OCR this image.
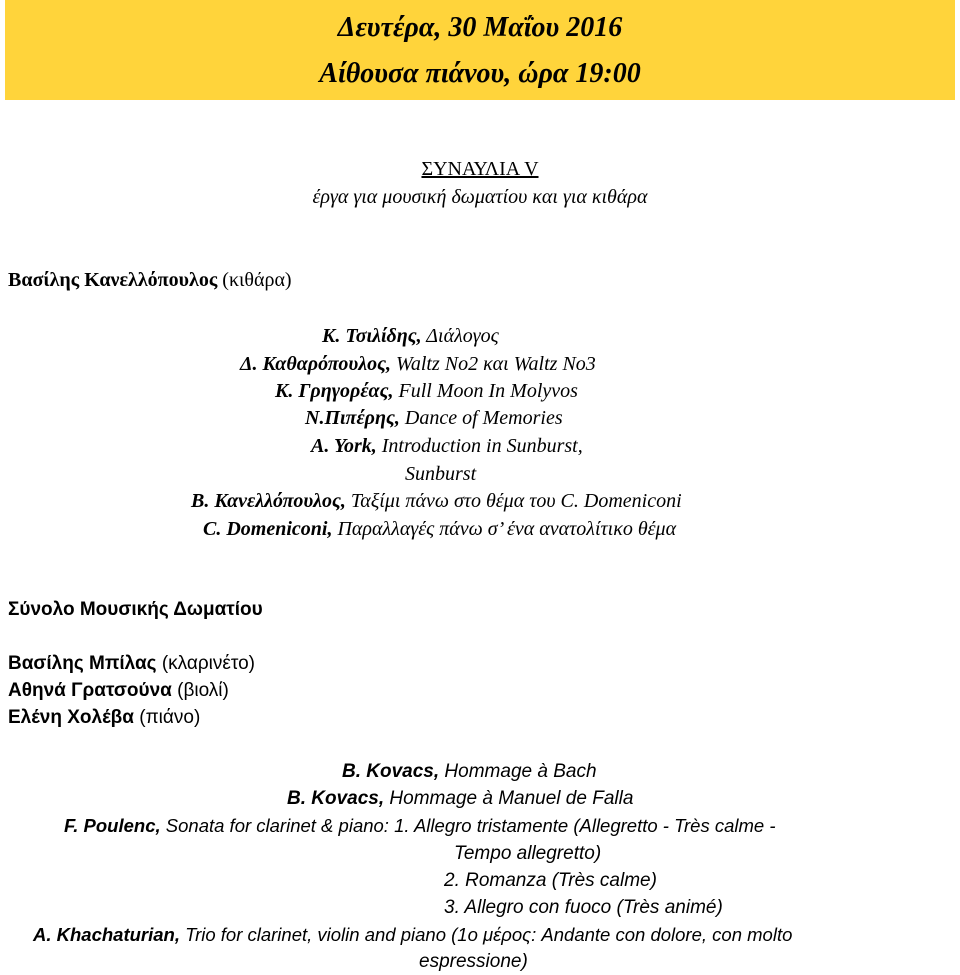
Δευτέρα, 30 Μαΐου 2016
Αίθουσα πιάνου, ώρα 19:00
ΣΥΝΑΥΛΙΑ V
έργα για μουσική δωματίου και για κιθάρα
Βασίλης Κανελλόπουλος (κιθάρα)
Κ. Τσιλίδης, Διάλογος
Δ. Καθαρόπουλος, Waltz No2 και Waltz No3
Κ. Γρηγορέας, Full Moon In Molyvos
Ν.Πιπέρης, Dance of Memories
A. York, Introduction in Sunburst,
Sunburst
Β. Κανελλόπουλος, Ταξίμι πάνω στο θέμα του C. Domeniconi
C. Domeniconi, Παραλλαγές πάνω σ’ ένα ανατολίτικο θέμα
Σύνολο Μουσικής Δωματίου
Βασίλης Μπίλας (κλαρινέτο)
Αθηνά Γρατσούνα (βιολί)
Ελένη Χολέβα (πιάνο)
B. Kovacs, Hommage à Bach
B. Kovacs, Hommage à Manuel de Falla
F. Poulenc, Sonata for clarinet & piano: 1. Allegro tristamente (Allegretto - Très calme -
Tempo allegretto)
2. Romanza (Très calme)
3. Allegro con fuoco (Très animé)
A. Khachaturian, Trio for clarinet, violin and piano (1ο μέρος: Andante con dolore, con molto
espressione)
